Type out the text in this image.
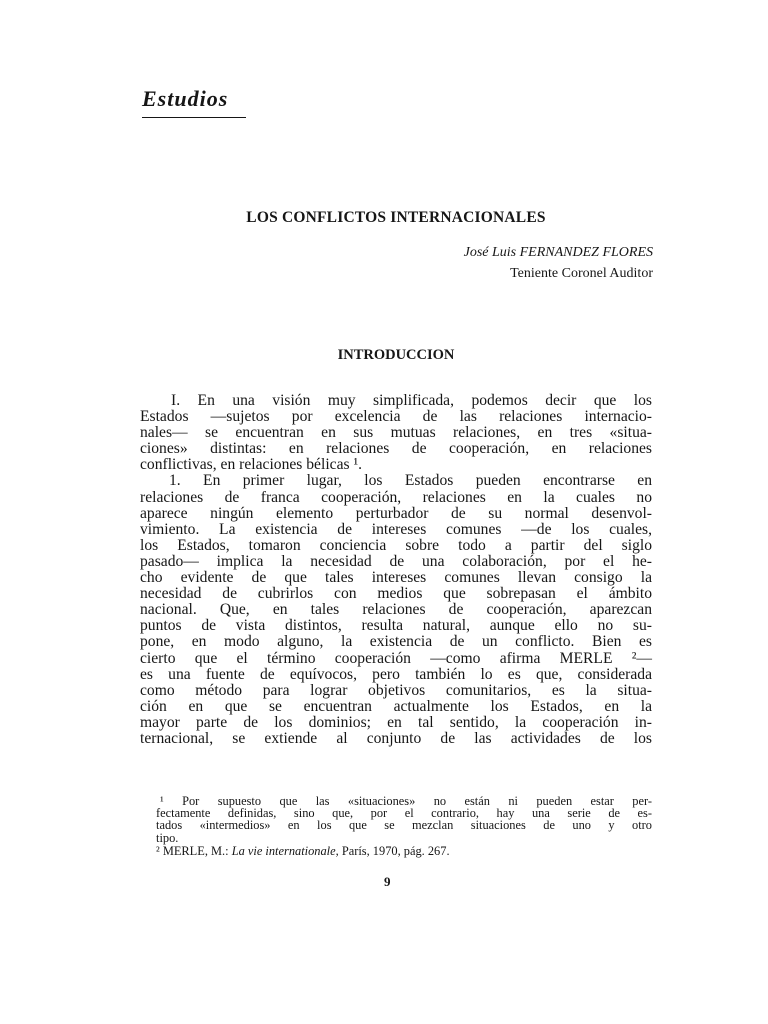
Estudios
LOS CONFLICTOS INTERNACIONALES
José Luis FERNANDEZ FLORES
Teniente Coronel Auditor
INTRODUCCION
I. En una visión muy simplificada, podemos decir que los
Estados —sujetos por excelencia de las relaciones internacio-
nales— se encuentran en sus mutuas relaciones, en tres «situa-
ciones» distintas: en relaciones de cooperación, en relaciones
conflictivas, en relaciones bélicas ¹.
1. En primer lugar, los Estados pueden encontrarse en
relaciones de franca cooperación, relaciones en la cuales no
aparece ningún elemento perturbador de su normal desenvol-
vimiento. La existencia de intereses comunes —de los cuales,
los Estados, tomaron conciencia sobre todo a partir del siglo
pasado— implica la necesidad de una colaboración, por el he-
cho evidente de que tales intereses comunes llevan consigo la
necesidad de cubrirlos con medios que sobrepasan el ámbito
nacional. Que, en tales relaciones de cooperación, aparezcan
puntos de vista distintos, resulta natural, aunque ello no su-
pone, en modo alguno, la existencia de un conflicto. Bien es
cierto que el término cooperación —como afirma MERLE ²—
es una fuente de equívocos, pero también lo es que, considerada
como método para lograr objetivos comunitarios, es la situa-
ción en que se encuentran actualmente los Estados, en la
mayor parte de los dominios; en tal sentido, la cooperación in-
ternacional, se extiende al conjunto de las actividades de los
¹ Por supuesto que las «situaciones» no están ni pueden estar per-
fectamente definidas, sino que, por el contrario, hay una serie de es-
tados «intermedios» en los que se mezclan situaciones de uno y otro
tipo.
² MERLE, M.: La vie internationale, París, 1970, pág. 267.
9
